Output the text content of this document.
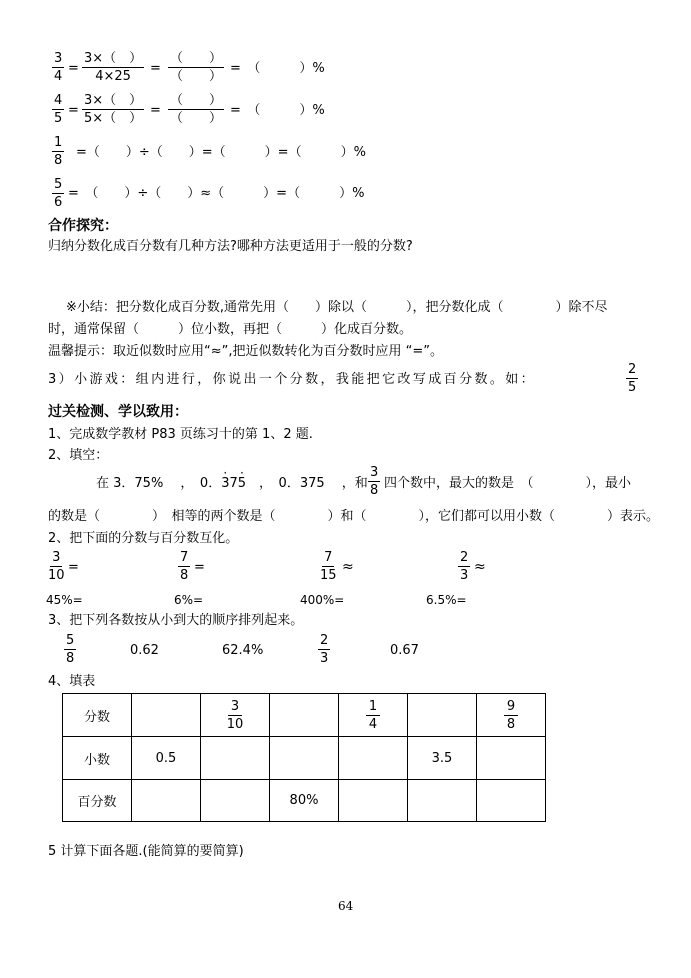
$\frac{3}{4} = \frac{3\times( )}{4\times 25}$ =
（　　）
（　　）
=　（　　　）%
$\frac{4}{5} = \frac{3\times( )}{5\times( )}$ =
（　　）
（　　）
=　（　　　）%
$\frac{1}{8}$ =（　　）÷（　　）=（　　　）=（　　　）%
$\frac{5}{6}$ =　（　　）÷（　　）≈（　　　）=（　　　）%
合作探究：
归纳分数化成百分数有几种方法?哪种方法更适用于一般的分数?
※小结：把分数化成百分数,通常先用（　　）除以（　　　），把分数化成（　　　　）除不尽
时，通常保留（　　　）位小数，再把（　　　）化成百分数。
温馨提示：取近似数时应用“≈”,把近似数转化为百分数时应用 “=”。
3）小游戏：组内进行，你说出一个分数，我能把它改写成百分数。如：	$\frac{2}{5}$
过关检测、学以致用：
1、完成数学教材 P83 页练习十的第 1、2 题.
2、填空：
在 3．75%　 ，　0．· 37· 5　，　0．375　 ，和 $\frac{3}{8}$ 四个数中，最大的数是　（　　　　），最小
的数是（　　　　）　相等的两个数是（　　　　）和（　　　　），它们都可以用小数（　　　　）表示。
2、把下面的分数与百分数互化。
$\frac{3}{10}$ =	$\frac{7}{8}$ =	$\frac{7}{15}$ ≈	$\frac{2}{3}$ ≈
45%=	6%=	400%=	6.5%=
3、把下列各数按从小到大的顺序排列起来。
$\frac{5}{8}$	0.62	62.4%	$\frac{2}{3}$	0.67
4、填表
分数		$\frac{3}{10}$		$\frac{1}{4}$		$\frac{9}{8}$

小数	0.5				3.5	
百分数			80%			
5 计算下面各题.(能简算的要简算)
64
